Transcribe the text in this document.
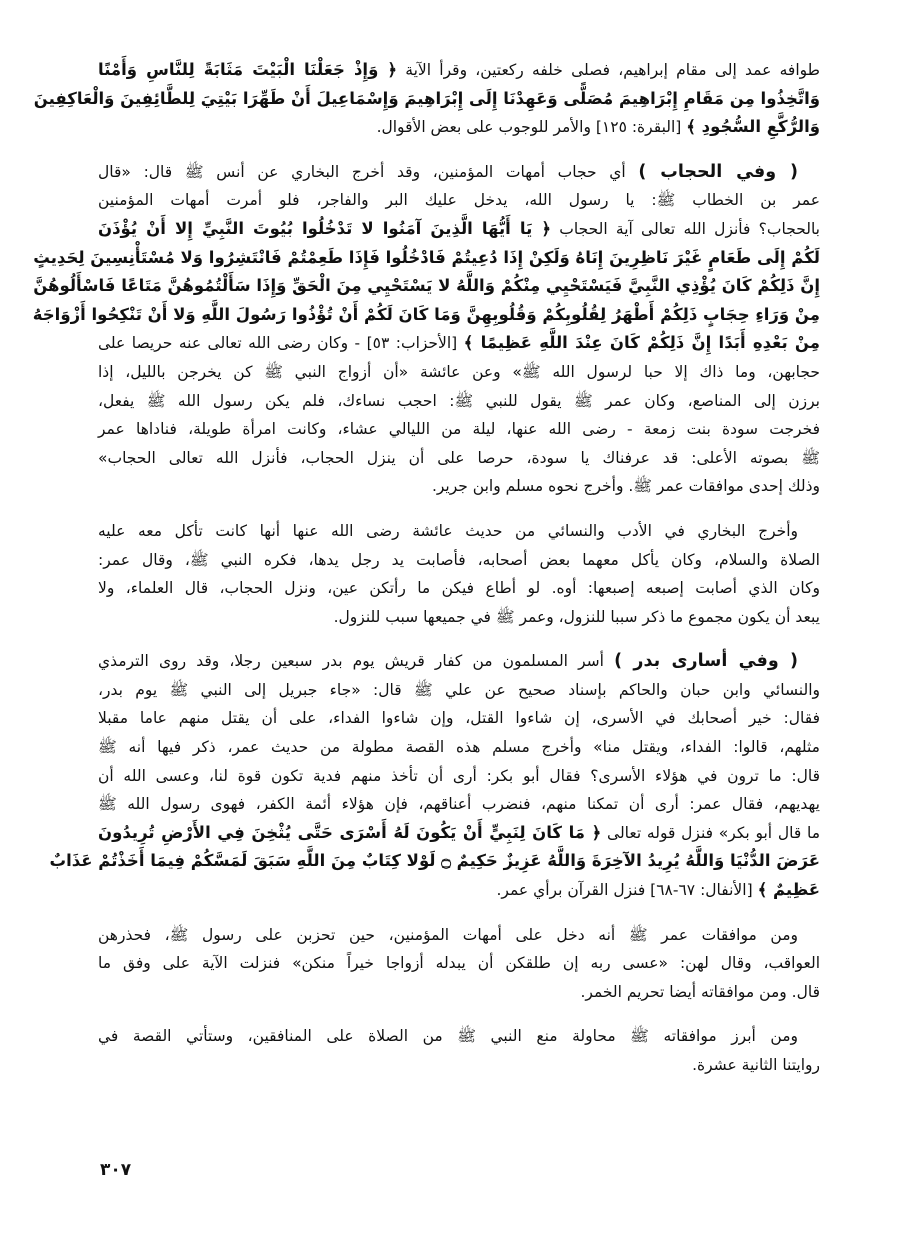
طوافه عمد إلى مقام إبراهيم، فصلى خلفه ركعتين، وقرأ الآية ﴿ وَإِذْ جَعَلْنَا الْبَيْتَ مَثَابَةً لِلنَّاسِ وَأَمْنًا
وَاتَّخِذُوا مِن مَقَامِ إِبْرَاهِيمَ مُصَلًّى وَعَهِدْنَا إِلَى إِبْرَاهِيمَ وَإِسْمَاعِيلَ أَنْ طَهِّرَا بَيْتِيَ لِلطَّائِفِينَ وَالْعَاكِفِينَ
وَالرُّكَّعِ السُّجُودِ ﴾ [البقرة: ١٢٥] والأمر للوجوب على بعض الأقوال.
( وفي الحجاب ) أي حجاب أمهات المؤمنين، وقد أخرج البخاري عن أنس ﷺ قال: «قال
عمر بن الخطاب ﷺ: يا رسول الله، يدخل عليك البر والفاجر، فلو أمرت أمهات المؤمنين
بالحجاب؟ فأنزل الله تعالى آية الحجاب ﴿ يَا أَيُّهَا الَّذِينَ آمَنُوا لا تَدْخُلُوا بُيُوتَ النَّبِيِّ إِلا أَنْ يُؤْذَنَ
لَكُمْ إِلَى طَعَامٍ غَيْرَ نَاظِرِينَ إِنَاهُ وَلَكِنْ إِذَا دُعِيتُمْ فَادْخُلُوا فَإِذَا طَعِمْتُمْ فَانْتَشِرُوا وَلا مُسْتَأْنِسِينَ لِحَدِيثٍ
إِنَّ ذَلِكُمْ كَانَ يُؤْذِي النَّبِيَّ فَيَسْتَحْيِي مِنْكُمْ وَاللَّهُ لا يَسْتَحْيِي مِنَ الْحَقِّ وَإِذَا سَأَلْتُمُوهُنَّ مَتَاعًا فَاسْأَلُوهُنَّ
مِنْ وَرَاءِ حِجَابٍ ذَلِكُمْ أَطْهَرُ لِقُلُوبِكُمْ وَقُلُوبِهِنَّ وَمَا كَانَ لَكُمْ أَنْ تُؤْذُوا رَسُولَ اللَّهِ وَلا أَنْ تَنْكِحُوا أَزْوَاجَهُ
مِنْ بَعْدِهِ أَبَدًا إِنَّ ذَلِكُمْ كَانَ عِنْدَ اللَّهِ عَظِيمًا ﴾ [الأحزاب: ٥٣] - وكان رضى الله تعالى عنه حريصا على
حجابهن، وما ذاك إلا حبا لرسول الله ﷺ» وعن عائشة «أن أزواج النبي ﷺ كن يخرجن بالليل، إذا
برزن إلى المناصع، وكان عمر ﷺ يقول للنبي ﷺ: احجب نساءك، فلم يكن رسول الله ﷺ يفعل،
فخرجت سودة بنت زمعة - رضى الله عنها، ليلة من الليالي عشاء، وكانت امرأة طويلة، فناداها عمر
ﷺ بصوته الأعلى: قد عرفناك يا سودة، حرصا على أن ينزل الحجاب، فأنزل الله تعالى الحجاب»
وذلك إحدى موافقات عمر ﷺ. وأخرج نحوه مسلم وابن جرير.
وأخرج البخاري في الأدب والنسائي من حديث عائشة رضى الله عنها أنها كانت تأكل معه عليه
الصلاة والسلام، وكان يأكل معهما بعض أصحابه، فأصابت يد رجل يدها، فكره النبي ﷺ، وقال عمر:
وكان الذي أصابت إصبعه إصبعها: أوه. لو أطاع فيكن ما رأتكن عين، ونزل الحجاب، قال العلماء، ولا
يبعد أن يكون مجموع ما ذكر سببا للنزول، وعمر ﷺ في جميعها سبب للنزول.
( وفي أسارى بدر ) أسر المسلمون من كفار قريش يوم بدر سبعين رجلا، وقد روى الترمذي
والنسائي وابن حبان والحاكم بإسناد صحيح عن علي ﷺ قال: «جاء جبريل إلى النبي ﷺ يوم بدر،
فقال: خير أصحابك في الأسرى، إن شاءوا القتل، وإن شاءوا الفداء، على أن يقتل منهم عاما مقبلا
مثلهم، قالوا: الفداء، ويقتل منا» وأخرج مسلم هذه القصة مطولة من حديث عمر، ذكر فيها أنه ﷺ
قال: ما ترون في هؤلاء الأسرى؟ فقال أبو بكر: أرى أن تأخذ منهم فدية تكون قوة لنا، وعسى الله أن
يهديهم، فقال عمر: أرى أن تمكنا منهم، فنضرب أعناقهم، فإن هؤلاء أئمة الكفر، فهوى رسول الله ﷺ
ما قال أبو بكر» فنزل قوله تعالى ﴿ مَا كَانَ لِنَبِيٍّ أَنْ يَكُونَ لَهُ أَسْرَى حَتَّى يُثْخِنَ فِي الأَرْضِ تُرِيدُونَ
عَرَضَ الدُّنْيَا وَاللَّهُ يُرِيدُ الآخِرَةَ وَاللَّهُ عَزِيزٌ حَكِيمٌ ۝ لَوْلا كِتَابٌ مِنَ اللَّهِ سَبَقَ لَمَسَّكُمْ فِيمَا أَخَذْتُمْ عَذَابٌ
عَظِيمٌ ﴾ [الأنفال: ٦٧-٦٨] فنزل القرآن برأي عمر.
ومن موافقات عمر ﷺ أنه دخل على أمهات المؤمنين، حين تحزبن على رسول ﷺ، فحذرهن
العواقب، وقال لهن: «عسى ربه إن طلقكن أن يبدله أزواجا خيراً منكن» فنزلت الآية على وفق ما
قال. ومن موافقاته أيضا تحريم الخمر.
ومن أبرز موافقاته ﷺ محاولة منع النبي ﷺ من الصلاة على المنافقين، وستأتي القصة في
روايتنا الثانية عشرة.
٣٠٧
